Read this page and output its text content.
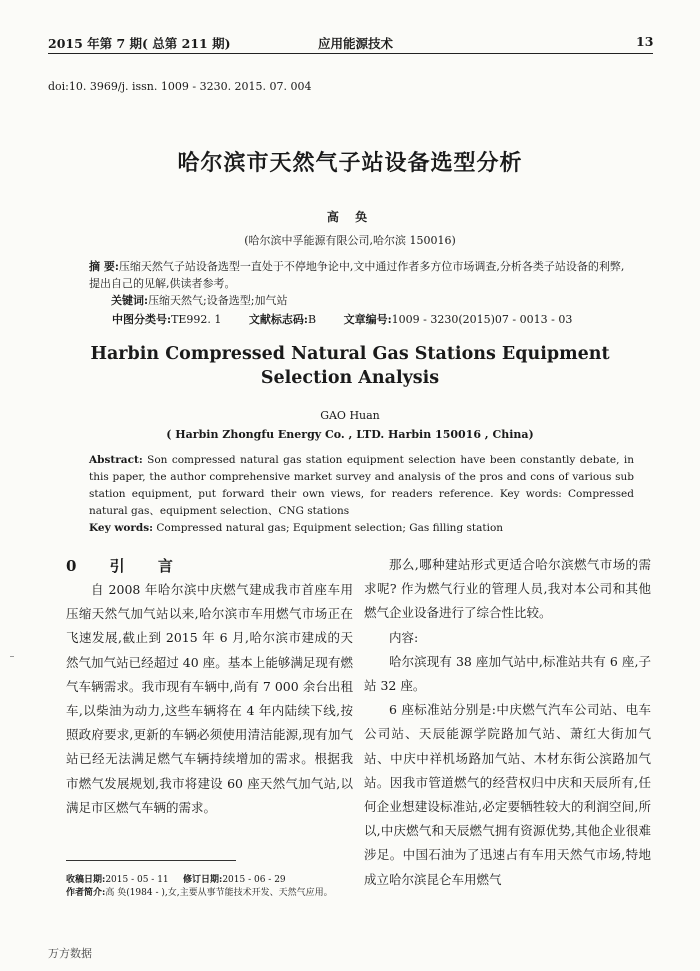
2015 年第 7 期( 总第 211 期)	应用能源技术	13
doi:10. 3969/j. issn. 1009 - 3230. 2015. 07. 004
哈尔滨市天然气子站设备选型分析
高 奂
(哈尔滨中孚能源有限公司,哈尔滨 150016)
摘 要:压缩天然气子站设备选型一直处于不停地争论中,文中通过作者多方位市场调查,分析各类子站设备的利弊,提出自己的见解,供读者参考。
关键词:压缩天然气;设备选型;加气站
中图分类号:TE992. 1	文献标志码:B	文章编号:1009 - 3230(2015)07 - 0013 - 03
Harbin Compressed Natural Gas Stations Equipment
Selection Analysis
GAO Huan
( Harbin Zhongfu Energy Co. , LTD. Harbin 150016 , China)
Abstract: Son compressed natural gas station equipment selection have been constantly debate, in this paper, the author comprehensive market survey and analysis of the pros and cons of various sub station equipment, put forward their own views, for readers reference. Key words: Compressed natural gas、equipment selection、CNG stations
Key words: Compressed natural gas; Equipment selection; Gas filling station
0 引 言

自 2008 年哈尔滨中庆燃气建成我市首座车用压缩天然气加气站以来,哈尔滨市车用燃气市场正在飞速发展,截止到 2015 年 6 月,哈尔滨市建成的天然气加气站已经超过 40 座。基本上能够满足现有燃气车辆需求。我市现有车辆中,尚有 7 000 余台出租车,以柴油为动力,这些车辆将在 4 年内陆续下线,按照政府要求,更新的车辆必须使用清洁能源,现有加气站已经无法满足燃气车辆持续增加的需求。根据我市燃气发展规划,我市将建设 60 座天然气加气站,以满足市区燃气车辆的需求。

那么,哪种建站形式更适合哈尔滨燃气市场的需求呢? 作为燃气行业的管理人员,我对本公司和其他燃气企业设备进行了综合性比较。

内容:

哈尔滨现有 38 座加气站中,标准站共有 6 座,子站 32 座。

6 座标准站分别是:中庆燃气汽车公司站、电车公司站、天辰能源学院路加气站、萧红大街加气站、中庆中祥机场路加气站、木材东街公滨路加气站。因我市管道燃气的经营权归中庆和天辰所有,任何企业想建设标准站,必定要牺牲较大的利润空间,所以,中庆燃气和天辰燃气拥有资源优势,其他企业很难涉足。中国石油为了迅速占有车用天然气市场,特地成立哈尔滨昆仑车用燃气

收稿日期:2015 - 05 - 11 修订日期:2015 - 06 - 29
作者简介:高 奂(1984 - ),女,主要从事节能技术开发、天然气应用。
万方数据
